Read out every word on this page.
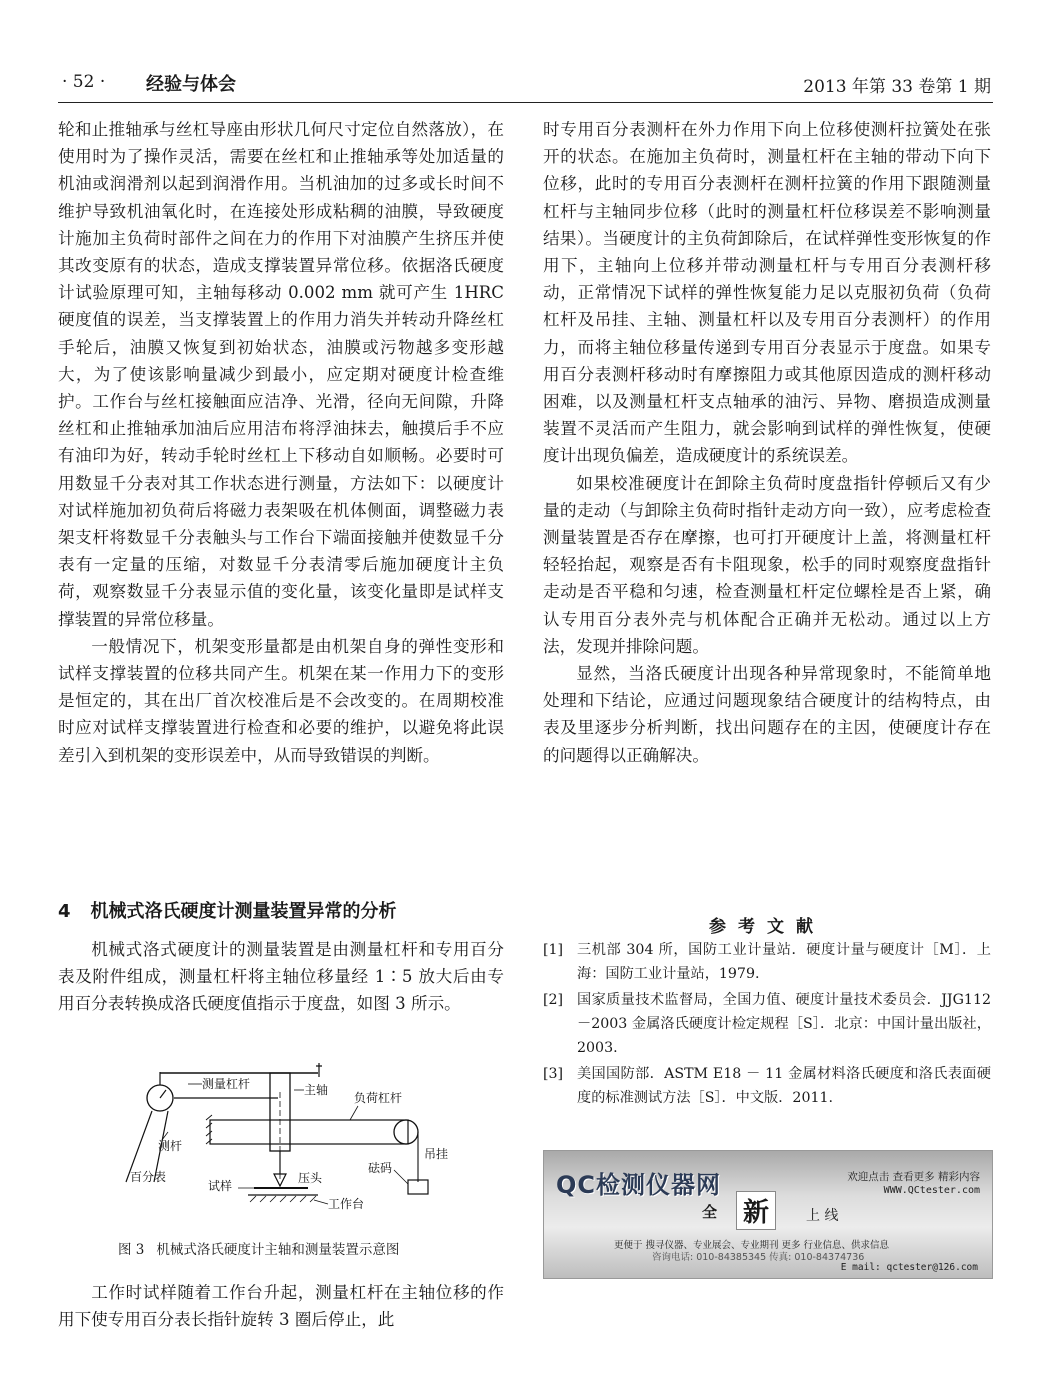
· 52 · 经验与体会	2013 年第 33 卷第 1 期

轮和止推轴承与丝杠导座由形状几何尺寸定位自然落放），在使用时为了操作灵活，需要在丝杠和止推轴承等处加适量的机油或润滑剂以起到润滑作用。当机油加的过多或长时间不维护导致机油氧化时，在连接处形成粘稠的油膜，导致硬度计施加主负荷时部件之间在力的作用下对油膜产生挤压并使其改变原有的状态，造成支撑装置异常位移。依据洛氏硬度计试验原理可知，主轴每移动 0.002 mm 就可产生 1HRC 硬度值的误差，当支撑装置上的作用力消失并转动升降丝杠手轮后，油膜又恢复到初始状态，油膜或污物越多变形越大，为了使该影响量减少到最小，应定期对硬度计检查维护。工作台与丝杠接触面应洁净、光滑，径向无间隙，升降丝杠和止推轴承加油后应用洁布将浮油抹去，触摸后手不应有油印为好，转动手轮时丝杠上下移动自如顺畅。必要时可用数显千分表对其工作状态进行测量，方法如下：以硬度计对试样施加初负荷后将磁力表架吸在机体侧面，调整磁力表架支杆将数显千分表触头与工作台下端面接触并使数显千分表有一定量的压缩，对数显千分表清零后施加硬度计主负荷，观察数显千分表显示值的变化量，该变化量即是试样支撑装置的异常位移量。

一般情况下，机架变形量都是由机架自身的弹性变形和试样支撑装置的位移共同产生。机架在某一作用力下的变形是恒定的，其在出厂首次校准后是不会改变的。在周期校准时应对试样支撑装置进行检查和必要的维护，以避免将此误差引入到机架的变形误差中，从而导致错误的判断。

4 机械式洛氏硬度计测量装置异常的分析

机械式洛式硬度计的测量装置是由测量杠杆和专用百分表及附件组成，测量杠杆将主轴位移量经 1∶5 放大后由专用百分表转换成洛氏硬度值指示于度盘，如图 3 所示。

测量杠杆	主轴
负荷杠杆
测杆
百分表
吊挂
砝码
试样
压头
工作台
图 3 机械式洛氏硬度计主轴和测量装置示意图

工作时试样随着工作台升起，测量杠杆在主轴位移的作用下使专用百分表长指针旋转 3 圈后停止，此

时专用百分表测杆在外力作用下向上位移使测杆拉簧处在张开的状态。在施加主负荷时，测量杠杆在主轴的带动下向下位移，此时的专用百分表测杆在测杆拉簧的作用下跟随测量杠杆与主轴同步位移（此时的测量杠杆位移误差不影响测量结果）。当硬度计的主负荷卸除后，在试样弹性变形恢复的作用下，主轴向上位移并带动测量杠杆与专用百分表测杆移动，正常情况下试样的弹性恢复能力足以克服初负荷（负荷杠杆及吊挂、主轴、测量杠杆以及专用百分表测杆）的作用力，而将主轴位移量传递到专用百分表显示于度盘。如果专用百分表测杆移动时有摩擦阻力或其他原因造成的测杆移动困难，以及测量杠杆支点轴承的油污、异物、磨损造成测量装置不灵活而产生阻力，就会影响到试样的弹性恢复，使硬度计出现负偏差，造成硬度计的系统误差。

如果校准硬度计在卸除主负荷时度盘指针停顿后又有少量的走动（与卸除主负荷时指针走动方向一致），应考虑检查测量装置是否存在摩擦，也可打开硬度计上盖，将测量杠杆轻轻抬起，观察是否有卡阻现象，松手的同时观察度盘指针走动是否平稳和匀速，检查测量杠杆定位螺栓是否上紧，确认专用百分表外壳与机体配合正确并无松动。通过以上方法，发现并排除问题。

显然，当洛氏硬度计出现各种异常现象时，不能简单地处理和下结论，应通过问题现象结合硬度计的结构特点，由表及里逐步分析判断，找出问题存在的主因，使硬度计存在的问题得以正确解决。

参考文献
[1] 三机部 304 所，国防工业计量站．硬度计量与硬度计［M］．上海：国防工业计量站，1979.
[2] 国家质量技术监督局，全国力值、硬度计量技术委员会．JJG112－2003 金属洛氏硬度计检定规程［S］．北京：中国计量出版社，2003.
[3] 美国国防部．ASTM E18 － 11 金属材料洛氏硬度和洛氏表面硬度的标准测试方法［S］．中文版．2011.
QC检测仪器网	欢迎点击 查看更多 精彩内容
WWW.QCtester.com
全 新	上 线
更便于 搜寻仪器、专业展会、专业期刊 更多 行业信息、供求信息
咨询电话: 010-84385345 传真: 010-84374736
E mail: qctester@126.com
